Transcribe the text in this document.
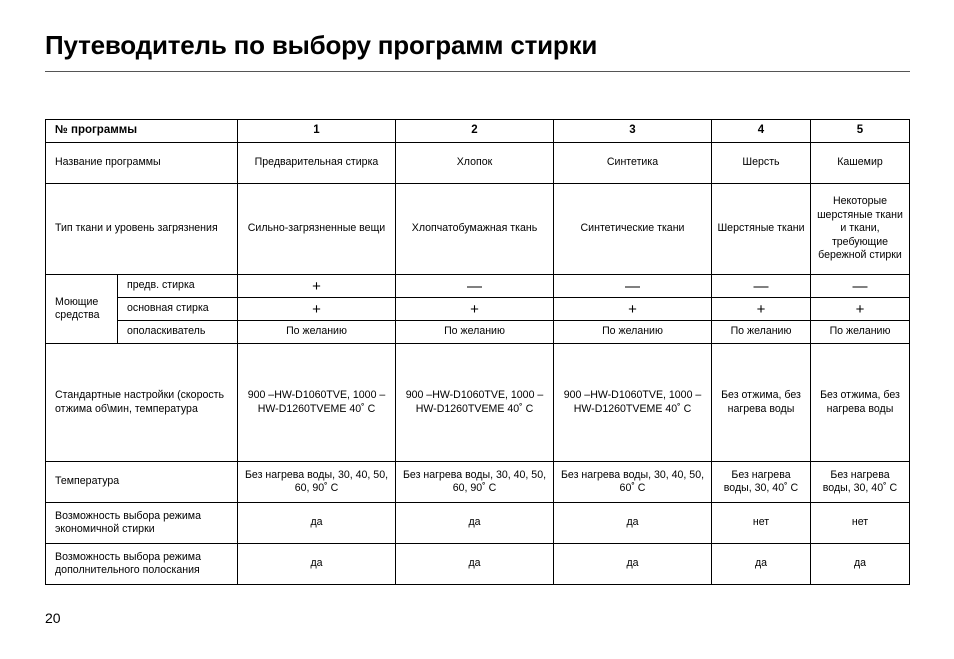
Путеводитель по выбору программ стирки
№ программы		1	2	3	4	5
Название программы		Предварительная стирка	Хлопок	Синтетика	Шерсть	Кашемир
Тип ткани и уровень загрязнения		Сильно-загрязненные вещи	Хлопчатобумажная ткань	Синтетические ткани	Шерстяные ткани	Некоторые шерстяные ткани и ткани, требующие бережной стирки
Моющие средства	предв. стирка	+	—	—	—	—
	основная стирка	+	+	+	+	+
	ополаскиватель	По желанию	По желанию	По желанию	По желанию	По желанию
Стандартные настройки (скорость отжима об\мин, температура		900 –HW-D1060TVE, 1000 –HW-D1260TVEME 40˚ С	900 –HW-D1060TVE, 1000 –HW-D1260TVEME 40˚ С	900 –HW-D1060TVE, 1000 –HW-D1260TVEME 40˚ С	Без отжима, без нагрева воды	Без отжима, без нагрева воды
Температура		Без нагрева воды, 30, 40, 50, 60, 90˚ С	Без нагрева воды, 30, 40, 50, 60, 90˚ С	Без нагрева воды, 30, 40, 50, 60˚ С	Без нагрева воды, 30, 40˚ С	Без нагрева воды, 30, 40˚ С
Возможность выбора режима экономичной стирки		да	да	да	нет	нет
Возможность выбора режима дополнительного полоскания		да	да	да	да	да
20
